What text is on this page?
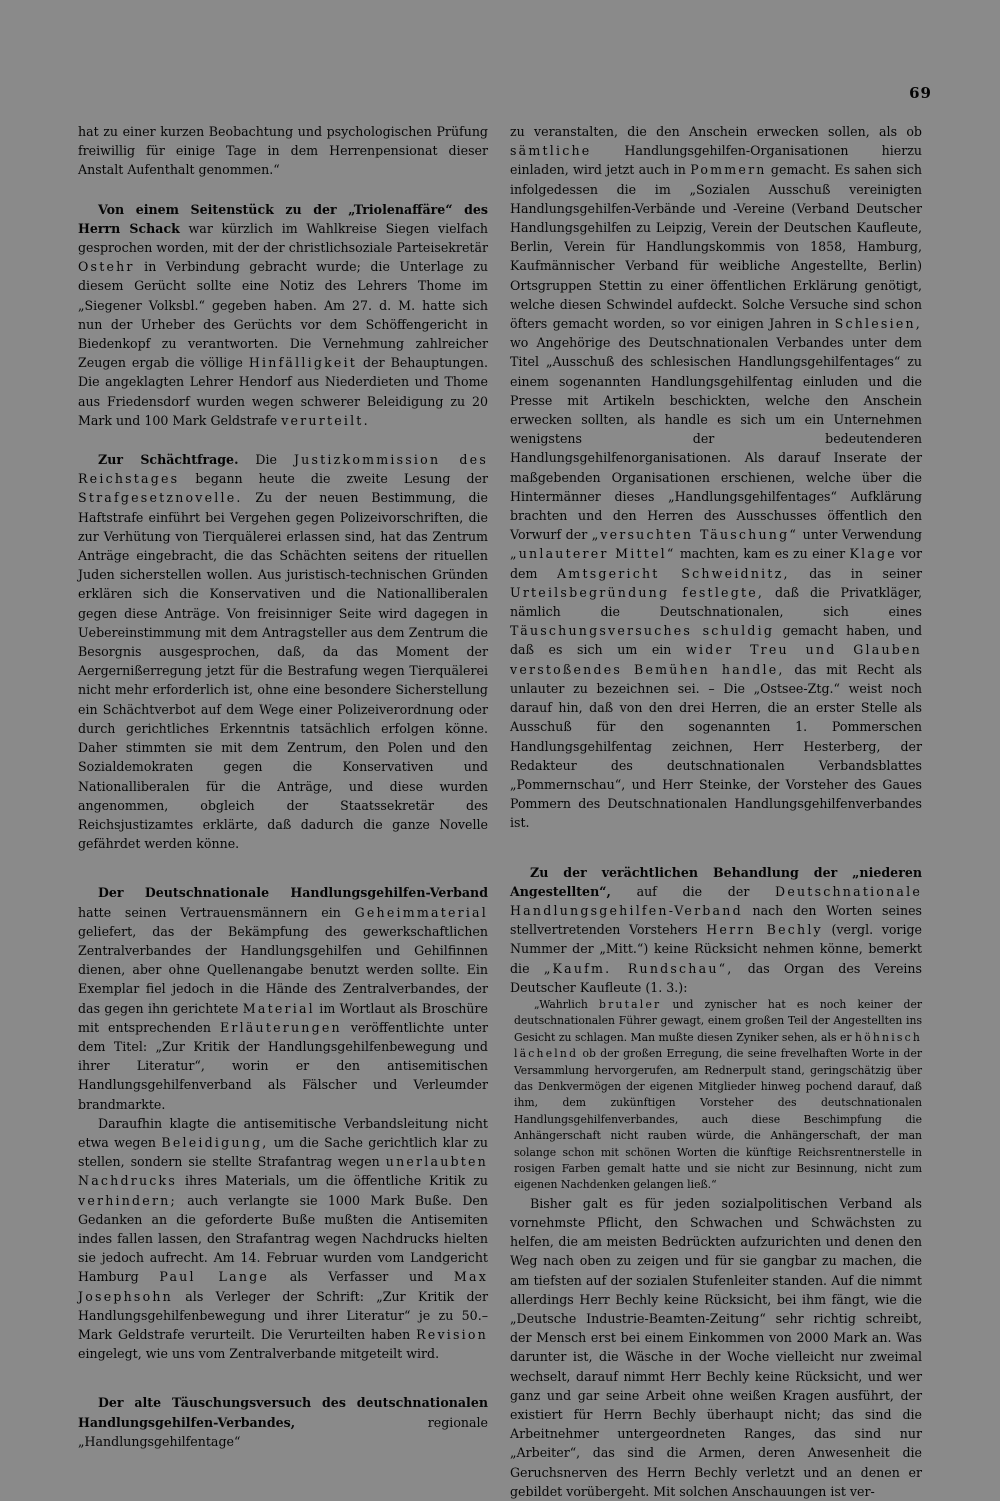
69

hat zu einer kurzen Beobachtung und psychologischen Prüfung freiwillig für einige Tage in dem Herrenpensionat dieser Anstalt Aufenthalt genommen.“

Von einem Seitenstück zu der „Triolenaffäre“ des Herrn Schack war kürzlich im Wahlkreise Siegen vielfach gesprochen worden, mit der der christlichsoziale Parteisekretär Ostehr in Verbindung gebracht wurde; die Unterlage zu diesem Gerücht sollte eine Notiz des Lehrers Thome im „Siegener Volksbl.“ gegeben haben. Am 27. d. M. hatte sich nun der Urheber des Gerüchts vor dem Schöffengericht in Biedenkopf zu verantworten. Die Vernehmung zahlreicher Zeugen ergab die völlige Hinfälligkeit der Behauptungen. Die angeklagten Lehrer Hendorf aus Niederdieten und Thome aus Friedensdorf wurden wegen schwerer Beleidigung zu 20 Mark und 100 Mark Geldstrafe verurteilt.

Zur Schächtfrage. Die Justizkommission des Reichstages begann heute die zweite Lesung der Strafgesetznovelle. Zu der neuen Bestimmung, die Haftstrafe einführt bei Vergehen gegen Polizeivorschriften, die zur Verhütung von Tierquälerei erlassen sind, hat das Zentrum Anträge eingebracht, die das Schächten seitens der rituellen Juden sicherstellen wollen. Aus juristisch-technischen Gründen erklären sich die Konservativen und die Nationalliberalen gegen diese Anträge. Von freisinniger Seite wird dagegen in Uebereinstimmung mit dem Antragsteller aus dem Zentrum die Besorgnis ausgesprochen, daß, da das Moment der Aergernißerregung jetzt für die Bestrafung wegen Tierquälerei nicht mehr erforderlich ist, ohne eine besondere Sicherstellung ein Schächtverbot auf dem Wege einer Polizeiverordnung oder durch gerichtliches Erkenntnis tatsächlich erfolgen könne. Daher stimmten sie mit dem Zentrum, den Polen und den Sozialdemokraten gegen die Konservativen und Nationalliberalen für die Anträge, und diese wurden angenommen, obgleich der Staatssekretär des Reichsjustizamtes erklärte, daß dadurch die ganze Novelle gefährdet werden könne.

Der Deutschnationale Handlungsgehilfen-Verband hatte seinen Vertrauensmännern ein Geheimmaterial geliefert, das der Bekämpfung des gewerkschaftlichen Zentralverbandes der Handlungsgehilfen und Gehilfinnen dienen, aber ohne Quellenangabe benutzt werden sollte. Ein Exemplar fiel jedoch in die Hände des Zentralverbandes, der das gegen ihn gerichtete Material im Wortlaut als Broschüre mit entsprechenden Erläuterungen veröffentlichte unter dem Titel: „Zur Kritik der Handlungsgehilfenbewegung und ihrer Literatur“, worin er den antisemitischen Handlungsgehilfenverband als Fälscher und Verleumder brandmarkte.

Daraufhin klagte die antisemitische Verbandsleitung nicht etwa wegen Beleidigung, um die Sache gerichtlich klar zu stellen, sondern sie stellte Strafantrag wegen unerlaubten Nachdrucks ihres Materials, um die öffentliche Kritik zu verhindern; auch verlangte sie 1000 Mark Buße. Den Gedanken an die geforderte Buße mußten die Antisemiten indes fallen lassen, den Strafantrag wegen Nachdrucks hielten sie jedoch aufrecht. Am 14. Februar wurden vom Landgericht Hamburg Paul Lange als Verfasser und Max Josephsohn als Verleger der Schrift: „Zur Kritik der Handlungsgehilfenbewegung und ihrer Literatur“ je zu 50.– Mark Geldstrafe verurteilt. Die Verurteilten haben Revision eingelegt, wie uns vom Zentralverbande mitgeteilt wird.

Der alte Täuschungsversuch des deutschnationalen Handlungsgehilfen-Verbandes, regionale „Handlungsgehilfentage“

zu veranstalten, die den Anschein erwecken sollen, als ob sämtliche Handlungsgehilfen-Organisationen hierzu einladen, wird jetzt auch in Pommern gemacht. Es sahen sich infolgedessen die im „Sozialen Ausschuß vereinigten Handlungsgehilfen-Verbände und -Vereine (Verband Deutscher Handlungsgehilfen zu Leipzig, Verein der Deutschen Kaufleute, Berlin, Verein für Handlungskommis von 1858, Hamburg, Kaufmännischer Verband für weibliche Angestellte, Berlin) Ortsgruppen Stettin zu einer öffentlichen Erklärung genötigt, welche diesen Schwindel aufdeckt. Solche Versuche sind schon öfters gemacht worden, so vor einigen Jahren in Schlesien, wo Angehörige des Deutschnationalen Verbandes unter dem Titel „Ausschuß des schlesischen Handlungsgehilfentages“ zu einem sogenannten Handlungsgehilfentag einluden und die Presse mit Artikeln beschickten, welche den Anschein erwecken sollten, als handle es sich um ein Unternehmen wenigstens der bedeutenderen Handlungsgehilfenorganisationen. Als darauf Inserate der maßgebenden Organisationen erschienen, welche über die Hintermänner dieses „Handlungsgehilfentages“ Aufklärung brachten und den Herren des Ausschusses öffentlich den Vorwurf der „versuchten Täuschung“ unter Verwendung „unlauterer Mittel“ machten, kam es zu einer Klage vor dem Amtsgericht Schweidnitz, das in seiner Urteilsbegründung festlegte, daß die Privatkläger, nämlich die Deutschnationalen, sich eines Täuschungsversuches schuldig gemacht haben, und daß es sich um ein wider Treu und Glauben verstoßendes Bemühen handle, das mit Recht als unlauter zu bezeichnen sei. – Die „Ostsee-Ztg.“ weist noch darauf hin, daß von den drei Herren, die an erster Stelle als Ausschuß für den sogenannten 1. Pommerschen Handlungsgehilfentag zeichnen, Herr Hesterberg, der Redakteur des deutschnationalen Verbandsblattes „Pommernschau“, und Herr Steinke, der Vorsteher des Gaues Pommern des Deutschnationalen Handlungsgehilfenverbandes ist.

Zu der verächtlichen Behandlung der „niederen Angestellten“, auf die der Deutschnationale Handlungsgehilfen-Verband nach den Worten seines stellvertretenden Vorstehers Herrn Bechly (vergl. vorige Nummer der „Mitt.“) keine Rücksicht nehmen könne, bemerkt die „Kaufm. Rundschau“, das Organ des Vereins Deutscher Kaufleute (1. 3.):

„Wahrlich brutaler und zynischer hat es noch keiner der deutschnationalen Führer gewagt, einem großen Teil der Angestellten ins Gesicht zu schlagen. Man mußte diesen Zyniker sehen, als er höhnisch lächelnd ob der großen Erregung, die seine frevelhaften Worte in der Versammlung hervorgerufen, am Rednerpult stand, geringschätzig über das Denkvermögen der eigenen Mitglieder hinweg pochend darauf, daß ihm, dem zukünftigen Vorsteher des deutschnationalen Handlungsgehilfenverbandes, auch diese Beschimpfung die Anhängerschaft nicht rauben würde, die Anhängerschaft, der man solange schon mit schönen Worten die künftige Reichsrentnerstelle in rosigen Farben gemalt hatte und sie nicht zur Besinnung, nicht zum eigenen Nachdenken gelangen ließ.“

Bisher galt es für jeden sozialpolitischen Verband als vornehmste Pflicht, den Schwachen und Schwächsten zu helfen, die am meisten Bedrückten aufzurichten und denen den Weg nach oben zu zeigen und für sie gangbar zu machen, die am tiefsten auf der sozialen Stufenleiter standen. Auf die nimmt allerdings Herr Bechly keine Rücksicht, bei ihm fängt, wie die „Deutsche Industrie-Beamten-Zeitung“ sehr richtig schreibt, der Mensch erst bei einem Einkommen von 2000 Mark an. Was darunter ist, die Wäsche in der Woche vielleicht nur zweimal wechselt, darauf nimmt Herr Bechly keine Rücksicht, und wer ganz und gar seine Arbeit ohne weißen Kragen ausführt, der existiert für Herrn Bechly überhaupt nicht; das sind die Arbeitnehmer untergeordneten Ranges, das sind nur „Arbeiter“, das sind die Armen, deren Anwesenheit die Geruchsnerven des Herrn Bechly verletzt und an denen er gebildet vorübergeht. Mit solchen Anschauungen ist ver-
